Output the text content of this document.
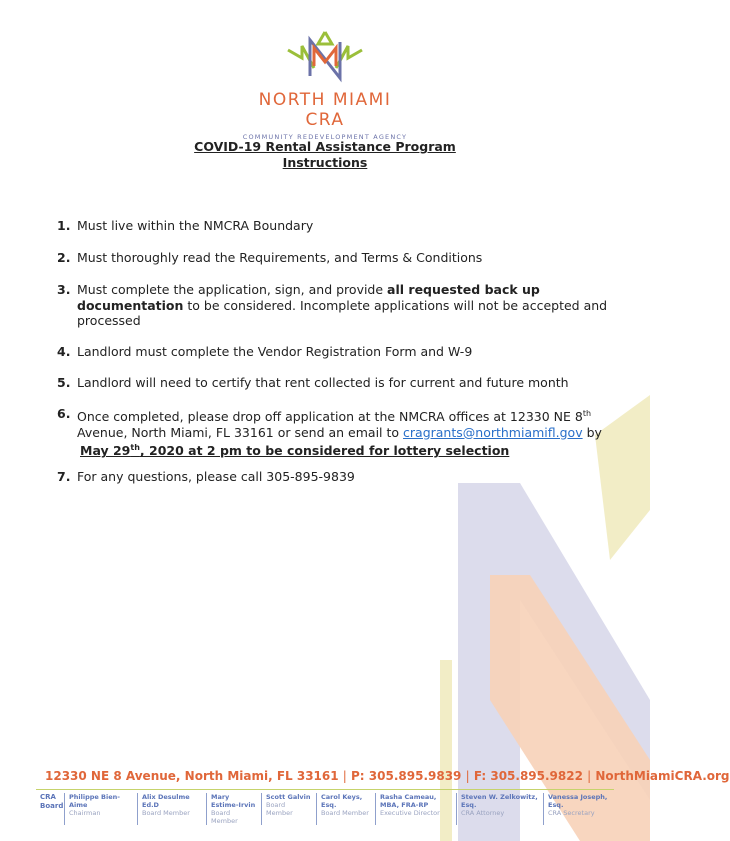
NORTH MIAMI CRA
COMMUNITY REDEVELOPMENT AGENCY
COVID-19 Rental Assistance Program
Instructions
1. Must live within the NMCRA Boundary
2. Must thoroughly read the Requirements, and Terms & Conditions
3. Must complete the application, sign, and provide all requested back up documentation to be considered. Incomplete applications will not be accepted and processed
4. Landlord must complete the Vendor Registration Form and W-9
5. Landlord will need to certify that rent collected is for current and future month
6. Once completed, please drop off application at the NMCRA offices at 12330 NE 8th Avenue, North Miami, FL 33161 or send an email to cragrants@northmiamifl.gov by
May 29th, 2020 at 2 pm to be considered for lottery selection
7. For any questions, please call 305-895-9839
12330 NE 8 Avenue, North Miami, FL 33161 | P: 305.895.9839 | F: 305.895.9822 | NorthMiamiCRA.org
CRA Board
Philippe Bien-Aime
Chairman
Alix Desulme Ed.D
Board Member
Mary Estime-Irvin
Board Member
Scott Galvin
Board Member
Carol Keys, Esq.
Board Member
Rasha Cameau, MBA, FRA-RP
Executive Director
Steven W. Zelkowitz, Esq.
CRA Attorney
Vanessa Joseph, Esq.
CRA Secretary
